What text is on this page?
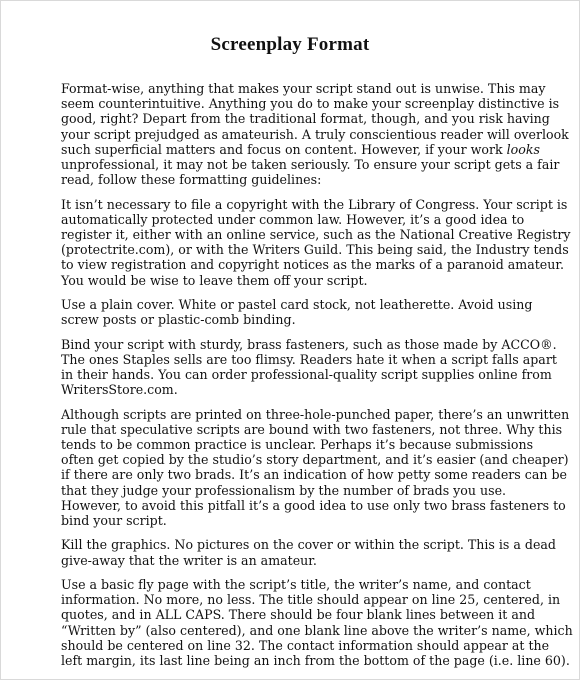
Screenplay Format

Format-wise, anything that makes your script stand out is unwise. This may
seem counterintuitive. Anything you do to make your screenplay distinctive is
good, right? Depart from the traditional format, though, and you risk having
your script prejudged as amateurish. A truly conscientious reader will overlook
such superficial matters and focus on content. However, if your work looks
unprofessional, it may not be taken seriously. To ensure your script gets a fair
read, follow these formatting guidelines:

It isn’t necessary to file a copyright with the Library of Congress. Your script is
automatically protected under common law. However, it’s a good idea to
register it, either with an online service, such as the National Creative Registry
(protectrite.com), or with the Writers Guild. This being said, the Industry tends
to view registration and copyright notices as the marks of a paranoid amateur.
You would be wise to leave them off your script.

Use a plain cover. White or pastel card stock, not leatherette. Avoid using
screw posts or plastic-comb binding.

Bind your script with sturdy, brass fasteners, such as those made by ACCO®.
The ones Staples sells are too flimsy. Readers hate it when a script falls apart
in their hands. You can order professional-quality script supplies online from
WritersStore.com.

Although scripts are printed on three-hole-punched paper, there’s an unwritten
rule that speculative scripts are bound with two fasteners, not three. Why this
tends to be common practice is unclear. Perhaps it’s because submissions
often get copied by the studio’s story department, and it’s easier (and cheaper)
if there are only two brads. It’s an indication of how petty some readers can be
that they judge your professionalism by the number of brads you use.
However, to avoid this pitfall it’s a good idea to use only two brass fasteners to
bind your script.

Kill the graphics. No pictures on the cover or within the script. This is a dead
give-away that the writer is an amateur.

Use a basic fly page with the script’s title, the writer’s name, and contact
information. No more, no less. The title should appear on line 25, centered, in
quotes, and in ALL CAPS. There should be four blank lines between it and
“Written by” (also centered), and one blank line above the writer’s name, which
should be centered on line 32. The contact information should appear at the
left margin, its last line being an inch from the bottom of the page (i.e. line 60).
